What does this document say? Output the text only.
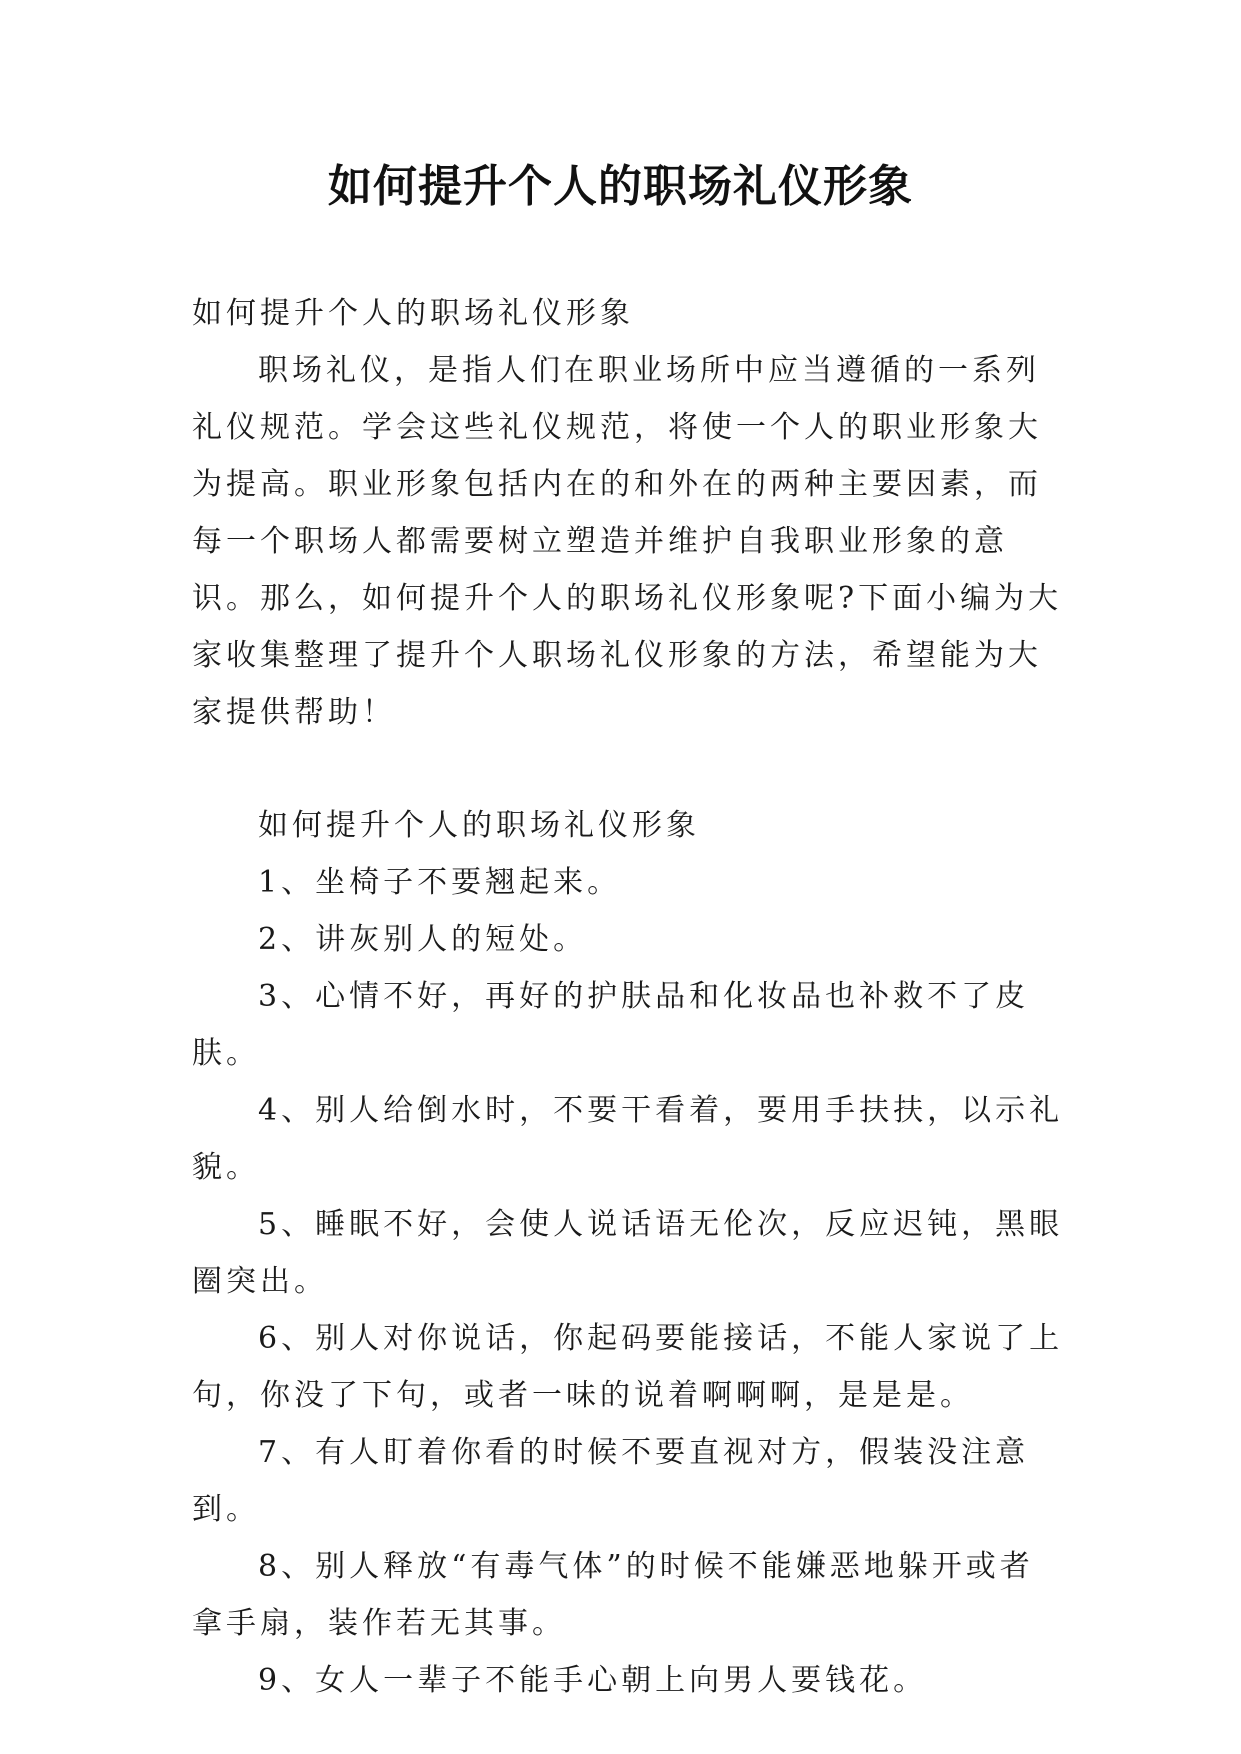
如何提升个人的职场礼仪形象

如何提升个人的职场礼仪形象

职场礼仪，是指人们在职业场所中应当遵循的一系列礼仪规范。学会这些礼仪规范，将使一个人的职业形象大为提高。职业形象包括内在的和外在的两种主要因素，而每一个职场人都需要树立塑造并维护自我职业形象的意识。那么，如何提升个人的职场礼仪形象呢?下面小编为大家收集整理了提升个人职场礼仪形象的方法，希望能为大家提供帮助！

如何提升个人的职场礼仪形象

1、坐椅子不要翘起来。

2、讲灰别人的短处。

3、心情不好，再好的护肤品和化妆品也补救不了皮肤。

4、别人给倒水时，不要干看着，要用手扶扶，以示礼貌。

5、睡眠不好，会使人说话语无伦次，反应迟钝，黑眼圈突出。

6、别人对你说话，你起码要能接话，不能人家说了上句，你没了下句，或者一味的说着啊啊啊，是是是。

7、有人盯着你看的时候不要直视对方，假装没注意到。

8、别人释放“有毒气体”的时候不能嫌恶地躲开或者拿手扇，装作若无其事。

9、女人一辈子不能手心朝上向男人要钱花。
